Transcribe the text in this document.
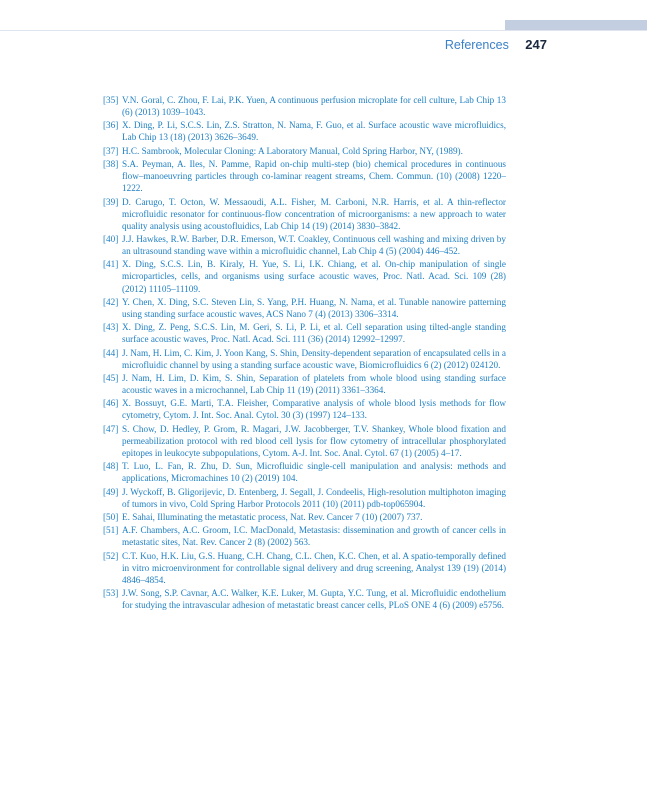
References 247
[35] V.N. Goral, C. Zhou, F. Lai, P.K. Yuen, A continuous perfusion microplate for cell culture, Lab Chip 13 (6) (2013) 1039–1043.
[36] X. Ding, P. Li, S.C.S. Lin, Z.S. Stratton, N. Nama, F. Guo, et al. Surface acoustic wave microfluidics, Lab Chip 13 (18) (2013) 3626–3649.
[37] H.C. Sambrook, Molecular Cloning: A Laboratory Manual, Cold Spring Harbor, NY, (1989).
[38] S.A. Peyman, A. Iles, N. Pamme, Rapid on-chip multi-step (bio) chemical procedures in continuous flow–manoeuvring particles through co-laminar reagent streams, Chem. Commun. (10) (2008) 1220–1222.
[39] D. Carugo, T. Octon, W. Messaoudi, A.L. Fisher, M. Carboni, N.R. Harris, et al. A thin-reflector microfluidic resonator for continuous-flow concentration of microorganisms: a new approach to water quality analysis using acoustofluidics, Lab Chip 14 (19) (2014) 3830–3842.
[40] J.J. Hawkes, R.W. Barber, D.R. Emerson, W.T. Coakley, Continuous cell washing and mixing driven by an ultrasound standing wave within a microfluidic channel, Lab Chip 4 (5) (2004) 446–452.
[41] X. Ding, S.C.S. Lin, B. Kiraly, H. Yue, S. Li, I.K. Chiang, et al. On-chip manipulation of single microparticles, cells, and organisms using surface acoustic waves, Proc. Natl. Acad. Sci. 109 (28) (2012) 11105–11109.
[42] Y. Chen, X. Ding, S.C. Steven Lin, S. Yang, P.H. Huang, N. Nama, et al. Tunable nanowire patterning using standing surface acoustic waves, ACS Nano 7 (4) (2013) 3306–3314.
[43] X. Ding, Z. Peng, S.C.S. Lin, M. Geri, S. Li, P. Li, et al. Cell separation using tilted-angle standing surface acoustic waves, Proc. Natl. Acad. Sci. 111 (36) (2014) 12992–12997.
[44] J. Nam, H. Lim, C. Kim, J. Yoon Kang, S. Shin, Density-dependent separation of encapsulated cells in a microfluidic channel by using a standing surface acoustic wave, Biomicrofluidics 6 (2) (2012) 024120.
[45] J. Nam, H. Lim, D. Kim, S. Shin, Separation of platelets from whole blood using standing surface acoustic waves in a microchannel, Lab Chip 11 (19) (2011) 3361–3364.
[46] X. Bossuyt, G.E. Marti, T.A. Fleisher, Comparative analysis of whole blood lysis methods for flow cytometry, Cytom. J. Int. Soc. Anal. Cytol. 30 (3) (1997) 124–133.
[47] S. Chow, D. Hedley, P. Grom, R. Magari, J.W. Jacobberger, T.V. Shankey, Whole blood fixation and permeabilization protocol with red blood cell lysis for flow cytometry of intracellular phosphorylated epitopes in leukocyte subpopulations, Cytom. A-J. Int. Soc. Anal. Cytol. 67 (1) (2005) 4–17.
[48] T. Luo, L. Fan, R. Zhu, D. Sun, Microfluidic single-cell manipulation and analysis: methods and applications, Micromachines 10 (2) (2019) 104.
[49] J. Wyckoff, B. Gligorijevic, D. Entenberg, J. Segall, J. Condeelis, High-resolution multiphoton imaging of tumors in vivo, Cold Spring Harbor Protocols 2011 (10) (2011) pdb-top065904.
[50] E. Sahai, Illuminating the metastatic process, Nat. Rev. Cancer 7 (10) (2007) 737.
[51] A.F. Chambers, A.C. Groom, I.C. MacDonald, Metastasis: dissemination and growth of cancer cells in metastatic sites, Nat. Rev. Cancer 2 (8) (2002) 563.
[52] C.T. Kuo, H.K. Liu, G.S. Huang, C.H. Chang, C.L. Chen, K.C. Chen, et al. A spatio-temporally defined in vitro microenvironment for controllable signal delivery and drug screening, Analyst 139 (19) (2014) 4846–4854.
[53] J.W. Song, S.P. Cavnar, A.C. Walker, K.E. Luker, M. Gupta, Y.C. Tung, et al. Microfluidic endothelium for studying the intravascular adhesion of metastatic breast cancer cells, PLoS ONE 4 (6) (2009) e5756.
